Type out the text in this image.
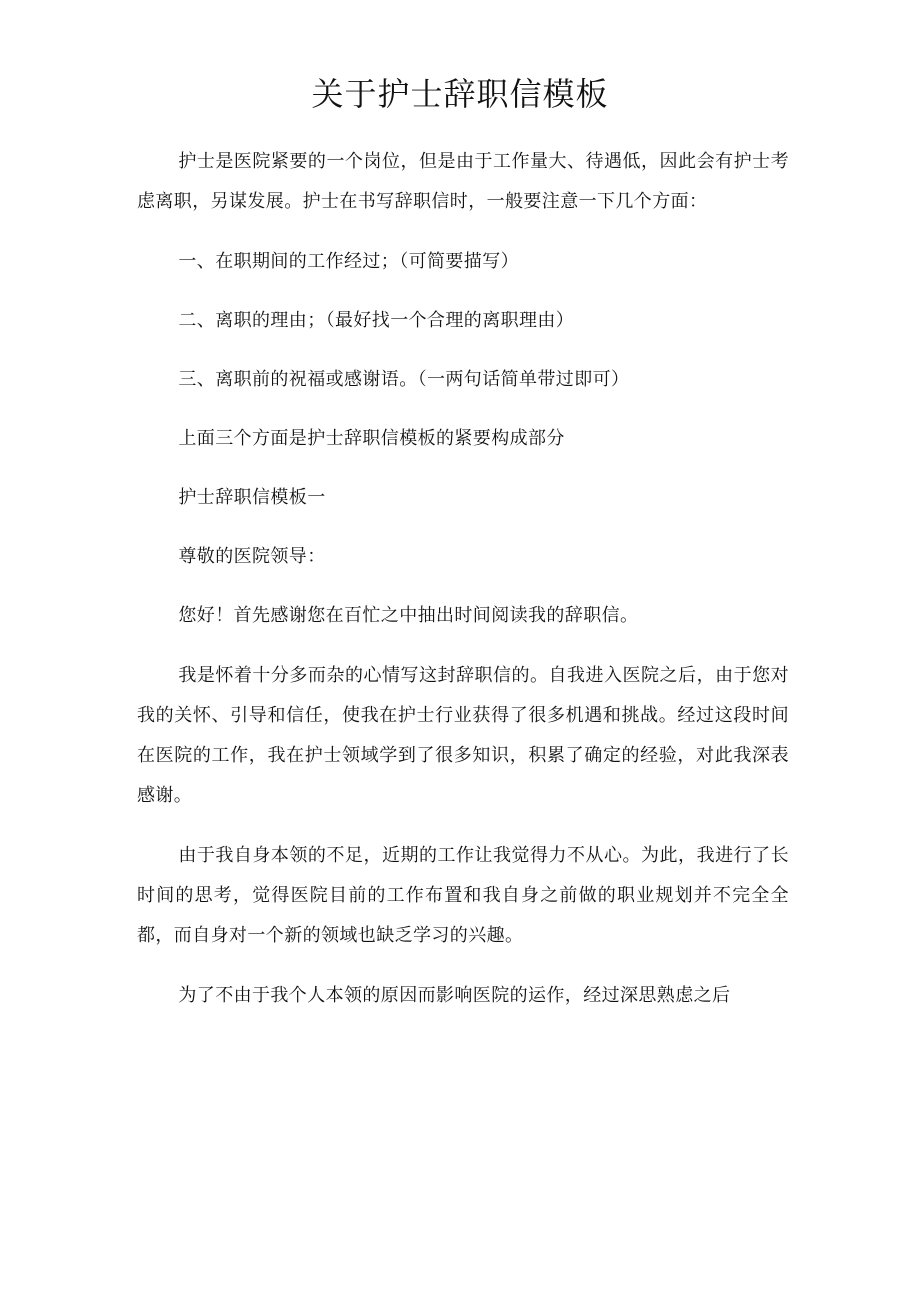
关于护士辞职信模板

护士是医院紧要的一个岗位，但是由于工作量大、待遇低，因此会有护士考虑离职，另谋发展。护士在书写辞职信时，一般要注意一下几个方面：

一、在职期间的工作经过；（可简要描写）

二、离职的理由；（最好找一个合理的离职理由）

三、离职前的祝福或感谢语。（一两句话简单带过即可）

上面三个方面是护士辞职信模板的紧要构成部分

护士辞职信模板一

尊敬的医院领导：

您好！首先感谢您在百忙之中抽出时间阅读我的辞职信。

我是怀着十分多而杂的心情写这封辞职信的。自我进入医院之后，由于您对我的关怀、引导和信任，使我在护士行业获得了很多机遇和挑战。经过这段时间在医院的工作，我在护士领域学到了很多知识，积累了确定的经验，对此我深表感谢。

由于我自身本领的不足，近期的工作让我觉得力不从心。为此，我进行了长时间的思考，觉得医院目前的工作布置和我自身之前做的职业规划并不完全全都，而自身对一个新的领域也缺乏学习的兴趣。

为了不由于我个人本领的原因而影响医院的运作，经过深思熟虑之后
